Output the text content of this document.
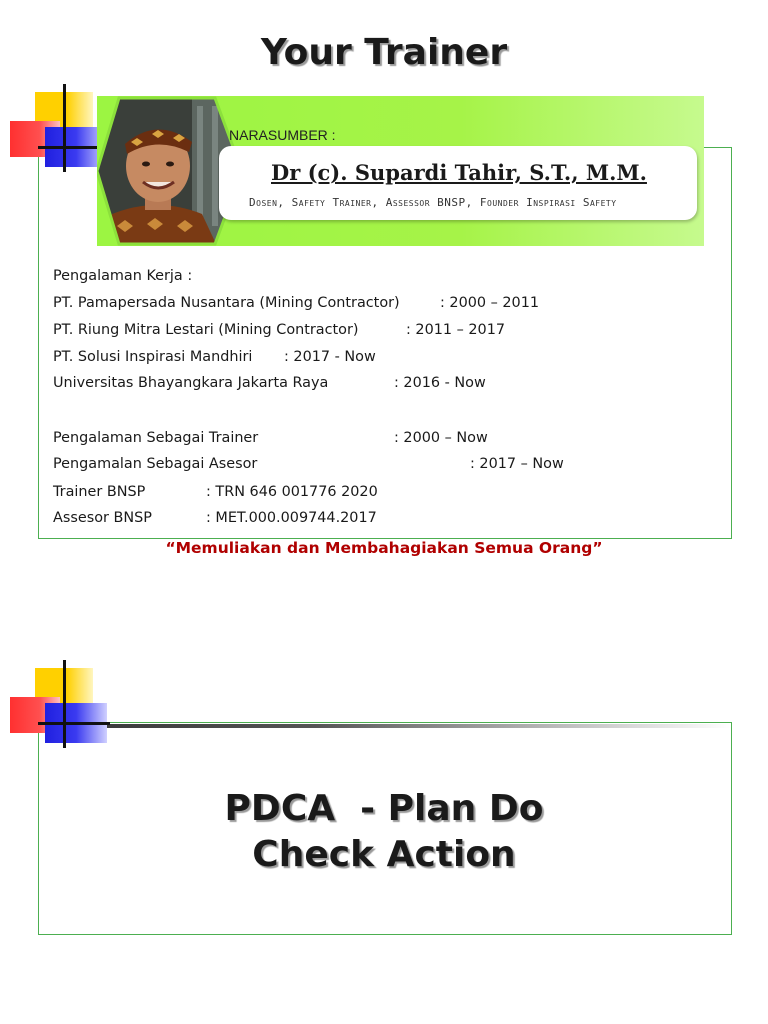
Your Trainer
NARASUMBER :
Dr (c). Supardi Tahir, S.T., M.M.
Dosen, Safety Trainer, Assessor BNSP, Founder Inspirasi Safety
Pengalaman Kerja :
PT. Pamapersada Nusantara (Mining Contractor)	: 2000 – 2011
PT. Riung Mitra Lestari (Mining Contractor)	: 2011 – 2017
PT. Solusi Inspirasi Mandhiri : 2017 - Now
Universitas Bhayangkara Jakarta Raya	: 2016 - Now
Pengalaman Sebagai Trainer	: 2000 – Now
Pengamalan Sebagai Asesor	: 2017 – Now
Trainer BNSP	: TRN 646 001776 2020
Assesor BNSP	: MET.000.009744.2017
“Memuliakan dan Membahagiakan Semua Orang”
PDCA  - Plan Do
Check Action
